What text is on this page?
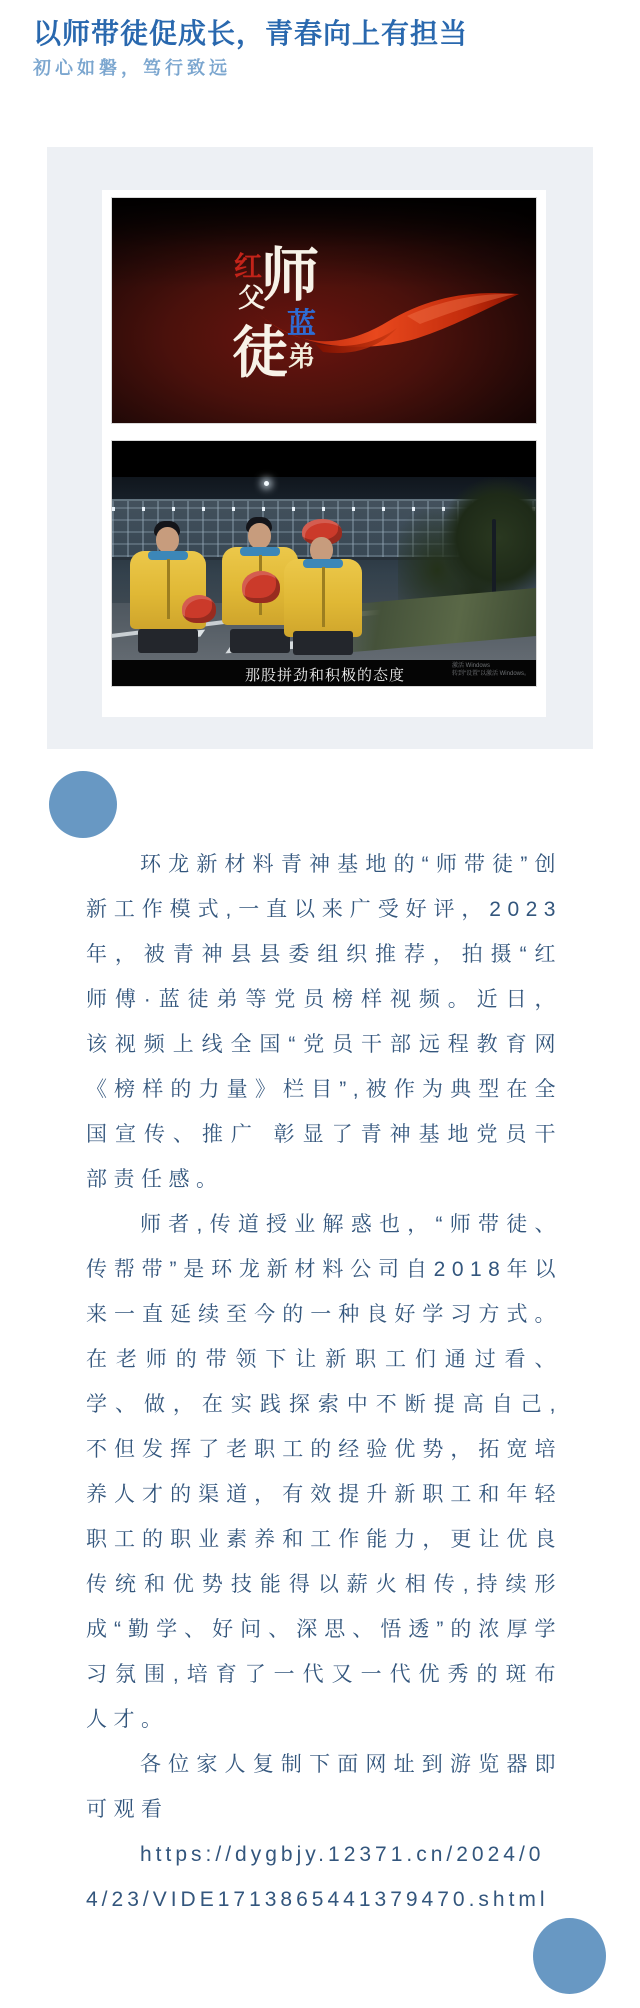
以师带徒促成长，青春向上有担当
初心如磐，笃行致远
红
师
父
徒 蓝
弟
那股拼劲和积极的态度
激活 Windows
转到“设置”以激活 Windows。

环龙新材料青神基地的“师带徒”创新工作模式,一直以来广受好评，2023年，被青神县县委组织推荐，拍摄“红师傅·蓝徒弟等党员榜样视频。近日，该视频上线全国“党员干部远程教育网《榜样的力量》栏目”,被作为典型在全国宣传、推广 彰显了青神基地党员干部责任感。

师者,传道授业解惑也，“师带徒、传帮带”是环龙新材料公司自2018年以来一直延续至今的一种良好学习方式。在老师的带领下让新职工们通过看、学、做，在实践探索中不断提高自己,不但发挥了老职工的经验优势，拓宽培养人才的渠道，有效提升新职工和年轻职工的职业素养和工作能力，更让优良传统和优势技能得以薪火相传,持续形成“勤学、好问、深思、悟透”的浓厚学习氛围,培育了一代又一代优秀的斑布人才。

各位家人复制下面网址到游览器即可观看

https://dygbjy.12371.cn/2024/04/23/VIDE1713865441379470.shtml
